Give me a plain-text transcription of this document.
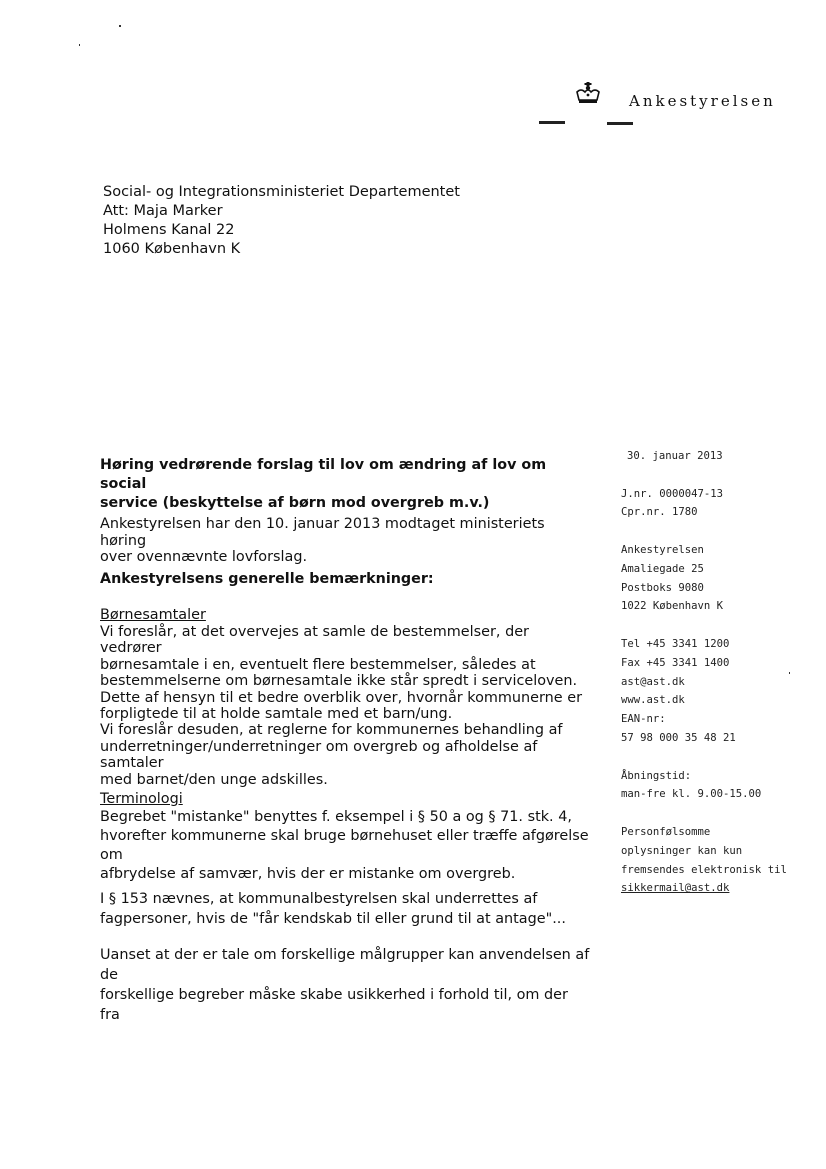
Ankestyrelsen
Social- og Integrationsministeriet Departementet
Att: Maja Marker
Holmens Kanal 22
1060 København K
Høring vedrørende forslag til lov om ændring af lov om social
service (beskyttelse af børn mod overgreb m.v.)
Ankestyrelsen har den 10. januar 2013 modtaget ministeriets høring
over ovennævnte lovforslag.
Ankestyrelsens generelle bemærkninger:
Børnesamtaler
Vi foreslår, at det overvejes at samle de bestemmelser, der vedrører
børnesamtale i en, eventuelt flere bestemmelser, således at
bestemmelserne om børnesamtale ikke står spredt i serviceloven.
Dette af hensyn til et bedre overblik over, hvornår kommunerne er
forpligtede til at holde samtale med et barn/ung.
Vi foreslår desuden, at reglerne for kommunernes behandling af
underretninger/underretninger om overgreb og afholdelse af samtaler
med barnet/den unge adskilles.
Terminologi
Begrebet "mistanke" benyttes f. eksempel i § 50 a og § 71. stk. 4,
hvorefter kommunerne skal bruge børnehuset eller træffe afgørelse om
afbrydelse af samvær, hvis der er mistanke om overgreb.
I § 153 nævnes, at kommunalbestyrelsen skal underrettes af
fagpersoner, hvis de "får kendskab til eller grund til at antage"...
Uanset at der er tale om forskellige målgrupper kan anvendelsen af de
forskellige begreber måske skabe usikkerhed i forhold til, om der fra
30. januar 2013
J.nr. 0000047-13
Cpr.nr. 1780
Ankestyrelsen
Amaliegade 25
Postboks 9080
1022 København K
Tel +45 3341 1200
Fax +45 3341 1400
ast@ast.dk
www.ast.dk
EAN-nr:
57 98 000 35 48 21
Åbningstid:
man-fre kl. 9.00-15.00
Personfølsomme
oplysninger kan kun
fremsendes elektronisk til
sikkermail@ast.dk
